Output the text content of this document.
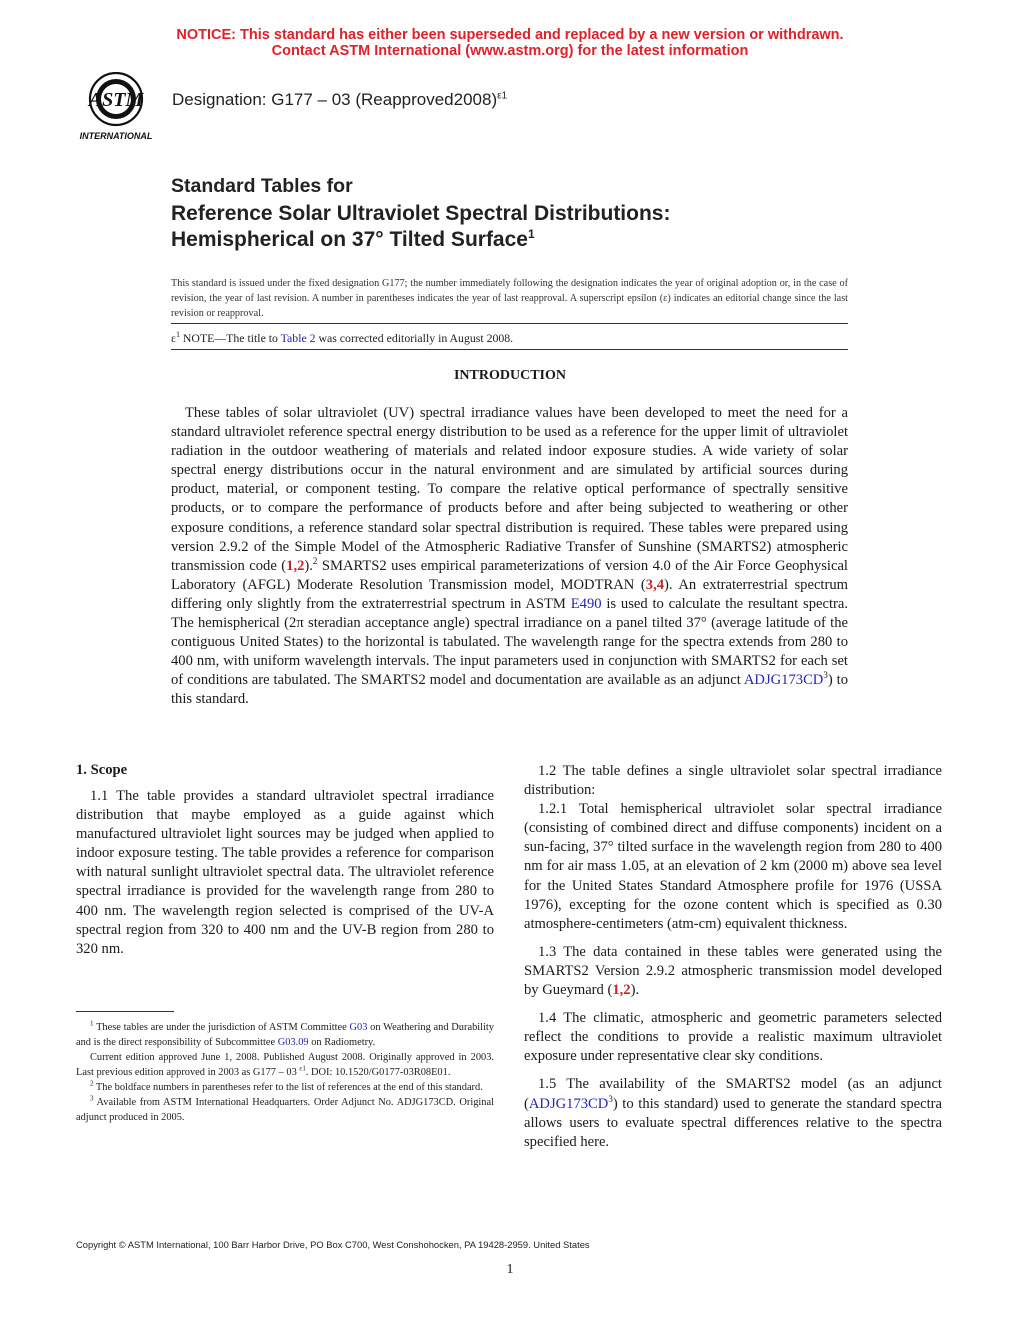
NOTICE: This standard has either been superseded and replaced by a new version or withdrawn.
Contact ASTM International (www.astm.org) for the latest information
ASTM
INTERNATIONAL
Designation: G177 – 03 (Reapproved2008)$^{\varepsilon 1}$
Standard Tables for
Reference Solar Ultraviolet Spectral Distributions:
Hemispherical on 37° Tilted Surface$^1$
This standard is issued under the fixed designation G177; the number immediately following the designation indicates the year of original adoption or, in the case of revision, the year of last revision. A number in parentheses indicates the year of last reapproval. A superscript epsilon (ε) indicates an editorial change since the last revision or reapproval.
$\varepsilon^1$ NOTE—The title to Table 2 was corrected editorially in August 2008.
INTRODUCTION
These tables of solar ultraviolet (UV) spectral irradiance values have been developed to meet the need for a standard ultraviolet reference spectral energy distribution to be used as a reference for the upper limit of ultraviolet radiation in the outdoor weathering of materials and related indoor exposure studies. A wide variety of solar spectral energy distributions occur in the natural environment and are simulated by artificial sources during product, material, or component testing. To compare the relative optical performance of spectrally sensitive products, or to compare the performance of products before and after being subjected to weathering or other exposure conditions, a reference standard solar spectral distribution is required. These tables were prepared using version 2.9.2 of the Simple Model of the Atmospheric Radiative Transfer of Sunshine (SMARTS2) atmospheric transmission code (1,2).$^2$ SMARTS2 uses empirical parameterizations of version 4.0 of the Air Force Geophysical Laboratory (AFGL) Moderate Resolution Transmission model, MODTRAN (3,4). An extraterrestrial spectrum differing only slightly from the extraterrestrial spectrum in ASTM E490 is used to calculate the resultant spectra. The hemispherical (2π steradian acceptance angle) spectral irradiance on a panel tilted 37° (average latitude of the contiguous United States) to the horizontal is tabulated. The wavelength range for the spectra extends from 280 to 400 nm, with uniform wavelength intervals. The input parameters used in conjunction with SMARTS2 for each set of conditions are tabulated. The SMARTS2 model and documentation are available as an adjunct $ADJG173CD^3$) to this standard.
1. Scope

1.1 The table provides a standard ultraviolet spectral irradiance distribution that maybe employed as a guide against which manufactured ultraviolet light sources may be judged when applied to indoor exposure testing. The table provides a reference for comparison with natural sunlight ultraviolet spectral data. The ultraviolet reference spectral irradiance is provided for the wavelength range from 280 to 400 nm. The wavelength region selected is comprised of the UV-A spectral region from 320 to 400 nm and the UV-B region from 280 to 320 nm.

1.2 The table defines a single ultraviolet solar spectral irradiance distribution:

1.2.1 Total hemispherical ultraviolet solar spectral irradiance (consisting of combined direct and diffuse components) incident on a sun-facing, 37° tilted surface in the wavelength region from 280 to 400 nm for air mass 1.05, at an elevation of 2 km (2000 m) above sea level for the United States Standard Atmosphere profile for 1976 (USSA 1976), excepting for the ozone content which is specified as 0.30 atmosphere-centimeters (atm-cm) equivalent thickness.

1.3 The data contained in these tables were generated using the SMARTS2 Version 2.9.2 atmospheric transmission model developed by Gueymard (1,2).

1.4 The climatic, atmospheric and geometric parameters selected reflect the conditions to provide a realistic maximum ultraviolet exposure under representative clear sky conditions.

1.5 The availability of the SMARTS2 model (as an adjunct $(ADJG173CD^3)$ to this standard) used to generate the standard spectra allows users to evaluate spectral differences relative to the spectra specified here.

$^1$ These tables are under the jurisdiction of ASTM Committee G03 on Weathering and Durability and is the direct responsibility of Subcommittee G03.09 on Radiometry.

Current edition approved June 1, 2008. Published August 2008. Originally approved in 2003. Last previous edition approved in 2003 as G177 – 03 $^{\varepsilon 1}$. DOI: 10.1520/G0177-03R08E01.

$^2$ The boldface numbers in parentheses refer to the list of references at the end of this standard.

$^3$ Available from ASTM International Headquarters. Order Adjunct No. ADJG173CD. Original adjunct produced in 2005.

Copyright © ASTM International, 100 Barr Harbor Drive, PO Box C700, West Conshohocken, PA 19428-2959. United States
1
